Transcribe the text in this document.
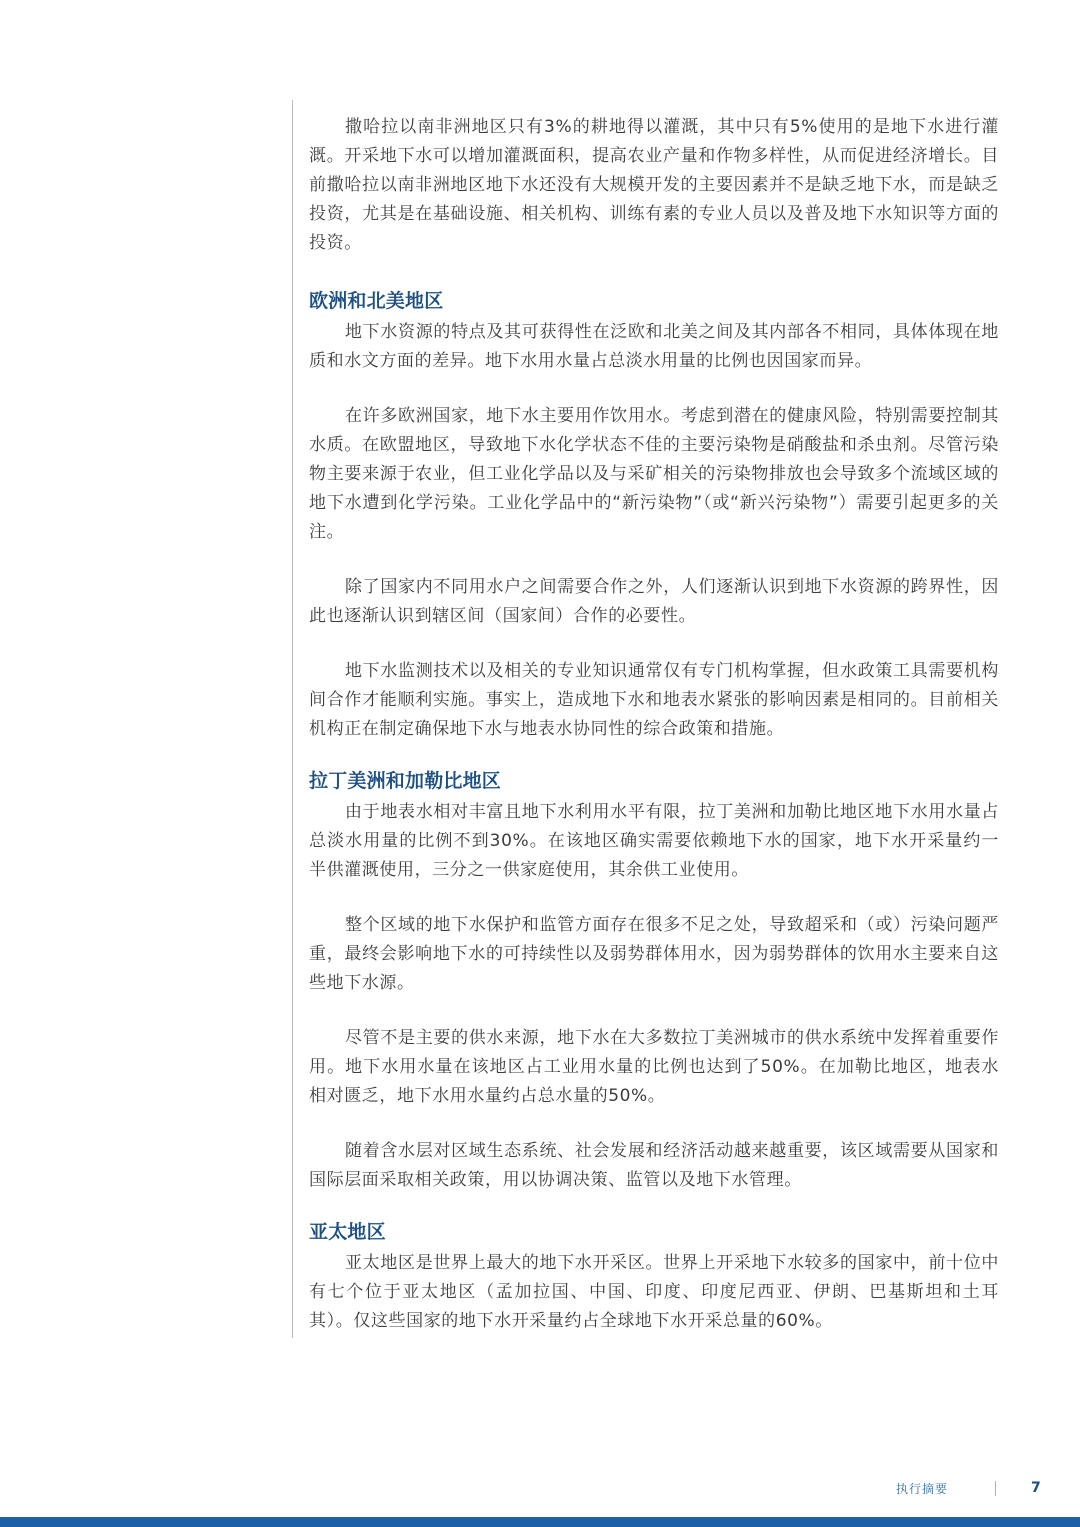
撒哈拉以南非洲地区只有3%的耕地得以灌溉，其中只有5%使用的是地下水进行灌溉。开采地下水可以增加灌溉面积，提高农业产量和作物多样性，从而促进经济增长。目前撒哈拉以南非洲地区地下水还没有大规模开发的主要因素并不是缺乏地下水，而是缺乏投资，尤其是在基础设施、相关机构、训练有素的专业人员以及普及地下水知识等方面的投资。

欧洲和北美地区

地下水资源的特点及其可获得性在泛欧和北美之间及其内部各不相同，具体体现在地质和水文方面的差异。地下水用水量占总淡水用量的比例也因国家而异。

在许多欧洲国家，地下水主要用作饮用水。考虑到潜在的健康风险，特别需要控制其水质。在欧盟地区，导致地下水化学状态不佳的主要污染物是硝酸盐和杀虫剂。尽管污染物主要来源于农业，但工业化学品以及与采矿相关的污染物排放也会导致多个流域区域的地下水遭到化学污染。工业化学品中的“新污染物”（或“新兴污染物”）需要引起更多的关注。

除了国家内不同用水户之间需要合作之外，人们逐渐认识到地下水资源的跨界性，因此也逐渐认识到辖区间（国家间）合作的必要性。

地下水监测技术以及相关的专业知识通常仅有专门机构掌握，但水政策工具需要机构间合作才能顺利实施。事实上，造成地下水和地表水紧张的影响因素是相同的。目前相关机构正在制定确保地下水与地表水协同性的综合政策和措施。

拉丁美洲和加勒比地区

由于地表水相对丰富且地下水利用水平有限，拉丁美洲和加勒比地区地下水用水量占总淡水用量的比例不到30%。在该地区确实需要依赖地下水的国家，地下水开采量约一半供灌溉使用，三分之一供家庭使用，其余供工业使用。

整个区域的地下水保护和监管方面存在很多不足之处，导致超采和（或）污染问题严重，最终会影响地下水的可持续性以及弱势群体用水，因为弱势群体的饮用水主要来自这些地下水源。

尽管不是主要的供水来源，地下水在大多数拉丁美洲城市的供水系统中发挥着重要作用。地下水用水量在该地区占工业用水量的比例也达到了50%。在加勒比地区，地表水相对匮乏，地下水用水量约占总水量的50%。

随着含水层对区域生态系统、社会发展和经济活动越来越重要，该区域需要从国家和国际层面采取相关政策，用以协调决策、监管以及地下水管理。

亚太地区

亚太地区是世界上最大的地下水开采区。世界上开采地下水较多的国家中，前十位中有七个位于亚太地区（孟加拉国、中国、印度、印度尼西亚、伊朗、巴基斯坦和土耳其）。仅这些国家的地下水开采量约占全球地下水开采总量的60%。

执行摘要	7
